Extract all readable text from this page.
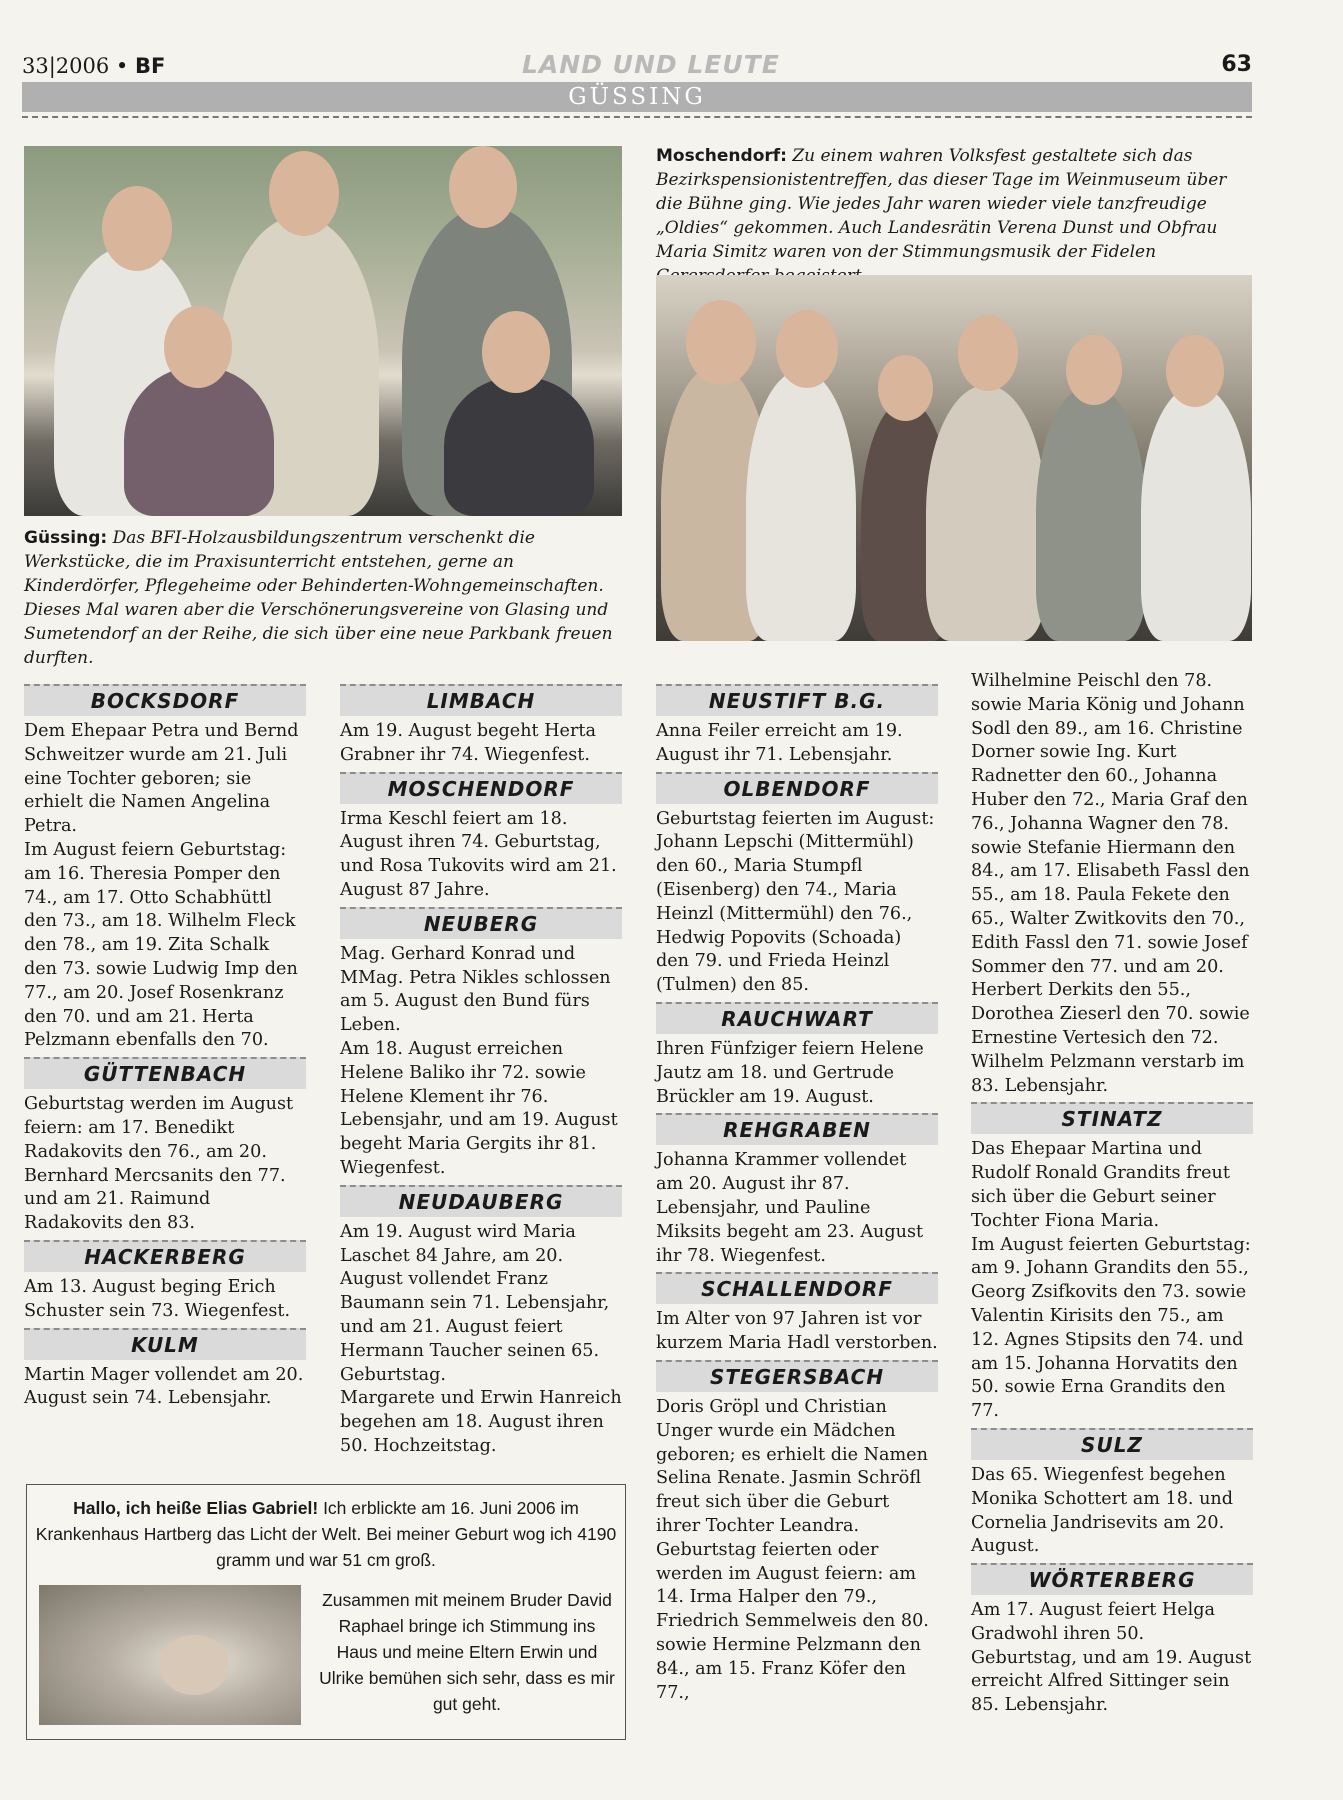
33|2006 • BF	LAND UND LEUTE	63
GÜSSING
Güssing: Das BFI-Holzausbildungszentrum verschenkt die Werkstücke, die im Praxisunterricht entstehen, gerne an Kinderdörfer, Pflegeheime oder Behinderten-Wohngemeinschaften. Dieses Mal waren aber die Verschönerungsvereine von Glasing und Sumetendorf an der Reihe, die sich über eine neue Parkbank freuen durften.
Moschendorf: Zu einem wahren Volksfest gestaltete sich das Bezirkspensionistentreffen, das dieser Tage im Weinmuseum über die Bühne ging. Wie jedes Jahr waren wieder viele tanzfreudige „Oldies“ gekommen. Auch Landesrätin Verena Dunst und Obfrau Maria Simitz waren von der Stimmungsmusik der Fidelen
BOCKSDORF

Dem Ehepaar Petra und Bernd Schweitzer wurde am 21. Juli eine Tochter geboren; sie erhielt die Namen Angelina Petra.
Im August feiern Geburtstag: am 16. Theresia Pomper den 74., am 17. Otto Schabhüttl den 73., am 18. Wilhelm Fleck den 78., am 19. Zita Schalk den 73. sowie Ludwig Imp den 77., am 20. Josef Rosenkranz den 70. und am 21. Herta Pelzmann ebenfalls den 70.

GÜTTENBACH

Geburtstag werden im August feiern: am 17. Benedikt Radakovits den 76., am 20. Bernhard Mercsanits den 77. und am 21. Raimund Radakovits den 83.

HACKERBERG

Am 13. August beging Erich Schuster sein 73. Wiegenfest.

KULM

Martin Mager vollendet am 20. August sein 74. Lebensjahr.

LIMBACH

Am 19. August begeht Herta Grabner ihr 74. Wiegenfest.

MOSCHENDORF

Irma Keschl feiert am 18. August ihren 74. Geburtstag, und Rosa Tukovits wird am 21. August 87 Jahre.

NEUBERG

Mag. Gerhard Konrad und MMag. Petra Nikles schlossen am 5. August den Bund fürs Leben.
Am 18. August erreichen Helene Baliko ihr 72. sowie Helene Klement ihr 76. Lebensjahr, und am 19. August begeht Maria Gergits ihr 81. Wiegenfest.

NEUDAUBERG

Am 19. August wird Maria Laschet 84 Jahre, am 20. August vollendet Franz Baumann sein 71. Lebensjahr, und am 21. August feiert Hermann Taucher seinen 65. Geburtstag.
Margarete und Erwin Hanreich begehen am 18. August ihren 50. Hochzeitstag.

NEUSTIFT B.G.

Anna Feiler erreicht am 19. August ihr 71. Lebensjahr.

OLBENDORF

Geburtstag feierten im August: Johann Lepschi (Mittermühl) den 60., Maria Stumpfl (Eisenberg) den 74., Maria Heinzl (Mittermühl) den 76., Hedwig Popovits (Schoada) den 79. und Frieda Heinzl (Tulmen) den 85.

RAUCHWART

Ihren Fünfziger feiern Helene Jautz am 18. und Gertrude Brückler am 19. August.

REHGRABEN

Johanna Krammer vollendet am 20. August ihr 87. Lebensjahr, und Pauline Miksits begeht am 23. August ihr 78. Wiegenfest.

SCHALLENDORF

Im Alter von 97 Jahren ist vor kurzem Maria Hadl verstorben.

STEGERSBACH

Doris Gröpl und Christian Unger wurde ein Mädchen geboren; es erhielt die Namen Selina Renate. Jasmin Schröfl freut sich über die Geburt ihrer Tochter Leandra.
Geburtstag feierten oder werden im August feiern: am 14. Irma Halper den 79., Friedrich Semmelweis den 80. sowie Hermine Pelzmann den 84., am 15. Franz Köfer den 77.,

Wilhelmine Peischl den 78. sowie Maria König und Johann Sodl den 89., am 16. Christine Dorner sowie Ing. Kurt Radnetter den 60., Johanna Huber den 72., Maria Graf den 76., Johanna Wagner den 78. sowie Stefanie Hiermann den 84., am 17. Elisabeth Fassl den 55., am 18. Paula Fekete den 65., Walter Zwitkovits den 70., Edith Fassl den 71. sowie Josef Sommer den 77. und am 20. Herbert Derkits den 55., Dorothea Zieserl den 70. sowie Ernestine Vertesich den 72.
Wilhelm Pelzmann verstarb im 83. Lebensjahr.

STINATZ

Das Ehepaar Martina und Rudolf Ronald Grandits freut sich über die Geburt seiner Tochter Fiona Maria.
Im August feierten Geburtstag: am 9. Johann Grandits den 55., Georg Zsifkovits den 73. sowie Valentin Kirisits den 75., am 12. Agnes Stipsits den 74. und am 15. Johanna Horvatits den 50. sowie Erna Grandits den 77.

SULZ

Das 65. Wiegenfest begehen Monika Schottert am 18. und Cornelia Jandrisevits am 20. August.

WÖRTERBERG

Am 17. August feiert Helga Gradwohl ihren 50. Geburtstag, und am 19. August erreicht Alfred Sittinger sein 85. Lebensjahr.

Hallo, ich heiße Elias Gabriel! Ich erblickte am 16. Juni 2006 im Krankenhaus Hartberg das Licht der Welt. Bei meiner Geburt wog ich 4190 gramm und war 51 cm groß.
Zusammen mit meinem Bruder David Raphael bringe ich Stimmung ins Haus und meine Eltern Erwin und Ulrike bemühen sich sehr, dass es mir gut geht.
